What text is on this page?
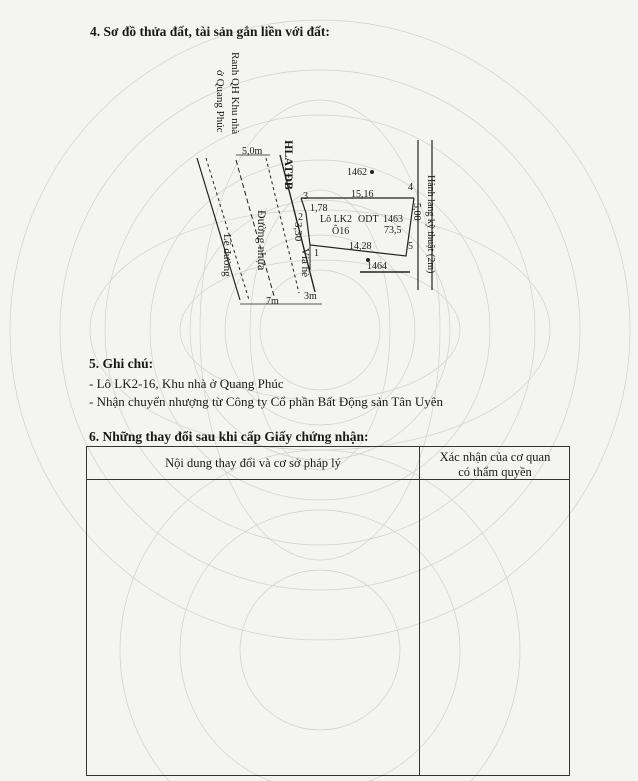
4. Sơ đồ thửa đất, tài sản gắn liền với đất:
Ranh QH Khu nhà
ở Quang Phúc
Lề đường Đường nhựa	Vỉa hè
HLATĐB
Hành lang kỹ thuật (2m)
5,0m
7m	3m
1462
1464
3
4
2
1
5
15,16
14,28
1,78
3,30
5,00
Lô LK2
Ô16
ODT 1463
73,5
5. Ghi chú:
- Lô LK2-16, Khu nhà ở Quang Phúc
- Nhận chuyển nhượng từ Công ty Cổ phần Bất Động sản Tân Uyên
6. Những thay đổi sau khi cấp Giấy chứng nhận:
Nội dung thay đổi và cơ sở pháp lý	Xác nhận của cơ quan
có thẩm quyền
